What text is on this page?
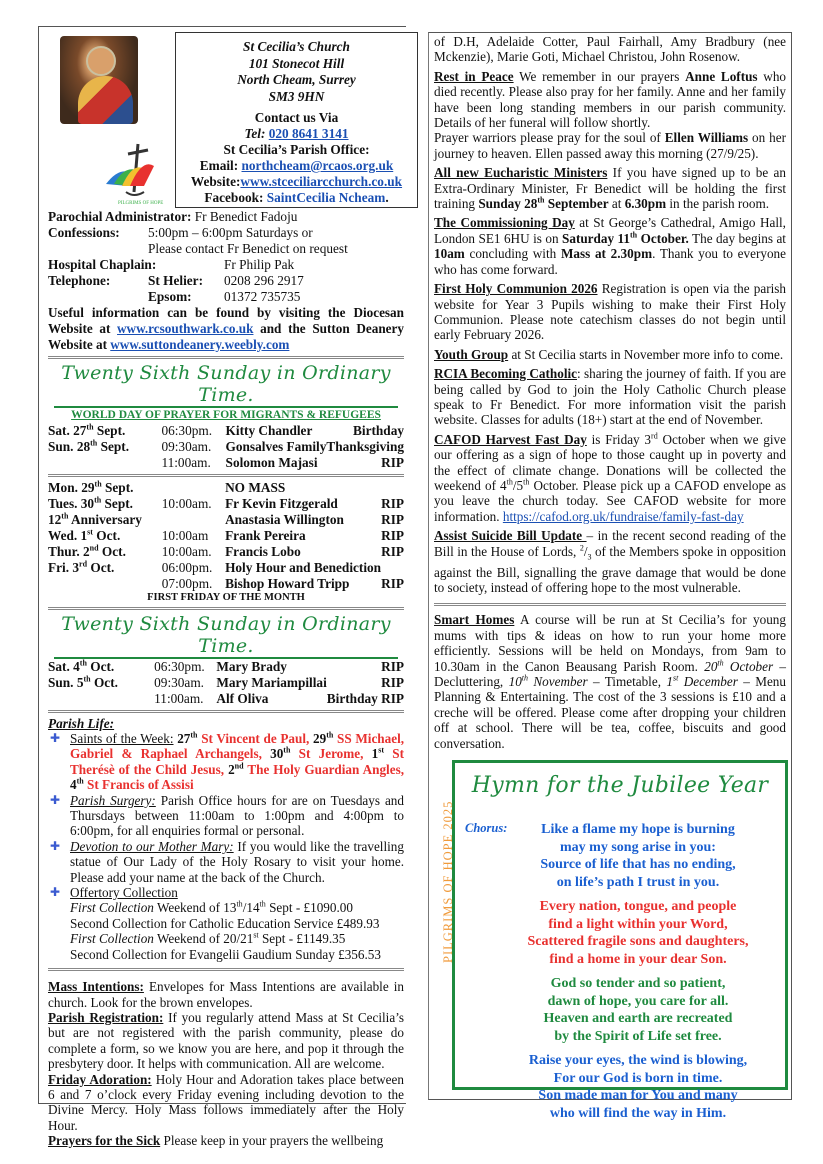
PILGRIMS OF HOPE
St Cecilia’s Church
101 Stonecot Hill
North Cheam, Surrey
SM3 9HN
Contact us Via
Tel: 020 8641 3141
St Cecilia’s Parish Office:
Email: northcheam@rcaos.org.uk
Website:www.stceciliarcchurch.co.uk
Facebook: SaintCecilia Ncheam.
Parochial Administrator: Fr Benedict Fadoju		
Confessions:	5:00pm – 6:00pm Saturdays or	
	Please contact Fr Benedict on request	
Hospital Chaplain:		Fr Philip Pak
Telephone:	St Helier:	0208 296 2917
	Epsom:	01372 735735

Useful information can be found by visiting the Diocesan Website at www.rcsouthwark.co.uk and the Sutton Deanery Website at www.suttondeanery.weebly.com

Twenty Sixth Sunday in Ordinary Time.
WORLD DAY OF PRAYER FOR MIGRANTS & REFUGEES
Sat. 27th Sept.	06:30pm.	Kitty Chandler	Birthday
Sun. 28th Sept.	09:30am.	Gonsalves Family	Thanksgiving
	11:00am.	Solomon Majasi	RIP
Mon. 29th Sept.		NO MASS	
Tues. 30th Sept.	10:00am.	Fr Kevin Fitzgerald	RIP
12th Anniversary		Anastasia Willington	RIP
Wed. 1st Oct.	10:00am	Frank Pereira	RIP
Thur. 2nd Oct.	10:00am.	Francis Lobo	RIP
Fri. 3rd Oct.	06:00pm.	Holy Hour and Benediction	
	07:00pm.	Bishop Howard Tripp	RIP
FIRST FRIDAY OF THE MONTH
Twenty Sixth Sunday in Ordinary Time.
Sat. 4th Oct.	06:30pm.	Mary Brady	RIP
Sun. 5th Oct.	09:30am.	Mary Mariampillai	RIP
	11:00am.	Alf Oliva	Birthday RIP
Parish Life:
✚ Saints of the Week: 27th St Vincent de Paul, 29th SS Michael, Gabriel & Raphael Archangels, 30th St Jerome, 1st St Therésè of the Child Jesus, 2nd The Holy Guardian Angles, 4th St Francis of Assisi
✚ Parish Surgery: Parish Office hours for are on Tuesdays and Thursdays between 11:00am to 1:00pm and 4:00pm to 6:00pm, for all enquiries formal or personal.
✚ Devotion to our Mother Mary: If you would like the travelling statue of Our Lady of the Holy Rosary to visit your home. Please add your name at the back of the Church.
✚ Offertory Collection
First Collection Weekend of 13th/14th Sept - £1090.00
Second Collection for Catholic Education Service £489.93
First Collection Weekend of 20/21st Sept - £1149.35
Second Collection for Evangelii Gaudium Sunday £356.53

Mass Intentions: Envelopes for Mass Intentions are available in church. Look for the brown envelopes.

Parish Registration: If you regularly attend Mass at St Cecilia’s but are not registered with the parish community, please do complete a form, so we know you are here, and pop it through the presbytery door. It helps with communication. All are welcome.

Friday Adoration: Holy Hour and Adoration takes place between 6 and 7 o’clock every Friday evening including devotion to the Divine Mercy. Holy Mass follows immediately after the Holy Hour.

Prayers for the Sick Please keep in your prayers the wellbeing

of D.H, Adelaide Cotter, Paul Fairhall, Amy Bradbury (nee Mckenzie), Marie Goti, Michael Christou, John Rosenow.

Rest in Peace We remember in our prayers Anne Loftus who died recently. Please also pray for her family. Anne and her family have been long standing members in our parish community. Details of her funeral will follow shortly.
Prayer warriors please pray for the soul of Ellen Williams on her journey to heaven. Ellen passed away this morning (27/9/25).

All new Eucharistic Ministers If you have signed up to be an Extra-Ordinary Minister, Fr Benedict will be holding the first training Sunday 28th September at 6.30pm in the parish room.

The Commissioning Day at St George’s Cathedral, Amigo Hall, London SE1 6HU is on Saturday 11th October. The day begins at 10am concluding with Mass at 2.30pm. Thank you to everyone who has come forward.

First Holy Communion 2026 Registration is open via the parish website for Year 3 Pupils wishing to make their First Holy Communion. Please note catechism classes do not begin until early February 2026.

Youth Group at St Cecilia starts in November more info to come.

RCIA Becoming Catholic: sharing the journey of faith. If you are being called by God to join the Holy Catholic Church please speak to Fr Benedict. For more information visit the parish website. Classes for adults (18+) start at the end of November.

CAFOD Harvest Fast Day is Friday 3rd October when we give our offering as a sign of hope to those caught up in poverty and the effect of climate change. Donations will be collected the weekend of 4th/5th October. Please pick up a CAFOD envelope as you leave the church today. See CAFOD website for more information. https://cafod.org.uk/fundraise/family-fast-day

Assist Suicide Bill Update – in the recent second reading of the Bill in the House of Lords, $^2/_3$ of the Members spoke in opposition against the Bill, signalling the grave damage that would be done to society, instead of offering hope to the most vulnerable.

Smart Homes A course will be run at St Cecilia’s for young mums with tips & ideas on how to run your home more efficiently. Sessions will be held on Mondays, from 9am to 10.30am in the Canon Beausang Parish Room. 20th October – Decluttering, 10th November – Timetable, 1st December – Menu Planning & Entertaining. The cost of the 3 sessions is £10 and a creche will be offered. Please come after dropping your children off at school. There will be tea, coffee, biscuits and good conversation.

Hymn for the Jubilee Year
PILGRIMS OF HOPE 2025 Chorus:	Like a flame my hope is burning
may my song arise in you:
Source of life that has no ending,
on life’s path I trust in you.
Every nation, tongue, and people
find a light within your Word,
Scattered fragile sons and daughters,
find a home in your dear Son.
God so tender and so patient,
dawn of hope, you care for all.
Heaven and earth are recreated
by the Spirit of Life set free.
Raise your eyes, the wind is blowing,
For our God is born in time.
Son made man for You and many
who will find the way in Him.
